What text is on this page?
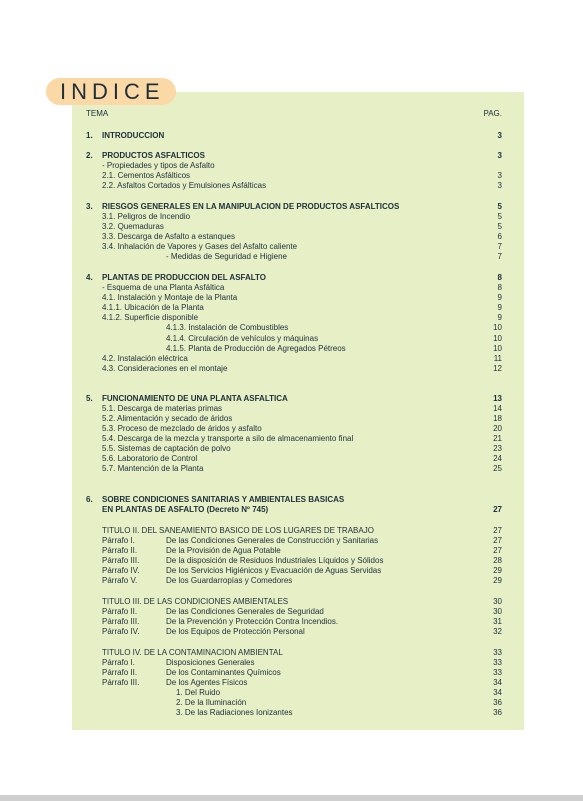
INDICE
TEMA	PAG.
1. INTRODUCCION	3
2. PRODUCTOS ASFALTICOS	3
- Propiedades y tipos de Asfalto
2.1. Cementos Asfálticos	3
2.2. Asfaltos Cortados y Emulsiones Asfálticas	3
3. RIESGOS GENERALES EN LA MANIPULACION DE PRODUCTOS ASFALTICOS	5
3.1. Peligros de Incendio	5
3.2. Quemaduras	5
3.3. Descarga de Asfalto a estanques	6
3.4. Inhalación de Vapores y Gases del Asfalto caliente	7
- Medidas de Seguridad e Higiene	7
4. PLANTAS DE PRODUCCION DEL ASFALTO	8
- Esquema de una Planta Asfáltica	8
4.1. Instalación y Montaje de la Planta	9
4.1.1. Ubicación de la Planta	9
4.1.2. Superficie disponible	9
4.1.3. Instalación de Combustibles	10
4.1.4. Circulación de vehículos y máquinas	10
4.1.5. Planta de Producción de Agregados Pétreos	10
4.2. Instalación eléctrica	11
4.3. Consideraciones en el montaje	12
5. FUNCIONAMIENTO DE UNA PLANTA ASFALTICA	13
5.1. Descarga de materias primas	14
5.2. Alimentación y secado de áridos	18
5.3. Proceso de mezclado de áridos y asfalto	20
5.4. Descarga de la mezcla y transporte a silo de almacenamiento final	21
5.5. Sistemas de captación de polvo	23
5.6. Laboratorio de Control	24
5.7. Mantención de la Planta	25
6. SOBRE CONDICIONES SANITARIAS Y AMBIENTALES BASICAS
EN PLANTAS DE ASFALTO (Decreto Nº 745)	27
TITULO II. DEL SANEAMIENTO BASICO DE LOS LUGARES DE TRABAJO	27
Párrafo I.	De las Condiciones Generales de Construcción y Sanitarias	27
Párrafo II.	De la Provisión de Agua Potable	27
Párrafo III.	De la disposición de Residuos Industriales Líquidos y Sólidos	28
Párrafo IV.	De los Servicios Higiénicos y Evacuación de Aguas Servidas	29
Párrafo V.	De los Guardarropías y Comedores	29
TITULO III. DE LAS CONDICIONES AMBIENTALES	30
Párrafo II.	De las Condiciones Generales de Seguridad	30
Párrafo III.	De la Prevención y Protección Contra Incendios.	31
Párrafo IV.	De los Equipos de Protección Personal	32
TITULO IV. DE LA CONTAMINACION AMBIENTAL	33
Párrafo I.	Disposiciones Generales	33
Párrafo II.	De los Contaminantes Químicos	33
Párrafo III.	De los Agentes Físicos	34
1. Del Ruido	34
2. De la Iluminación	36
3. De las Radiaciones Ionizantes	36
